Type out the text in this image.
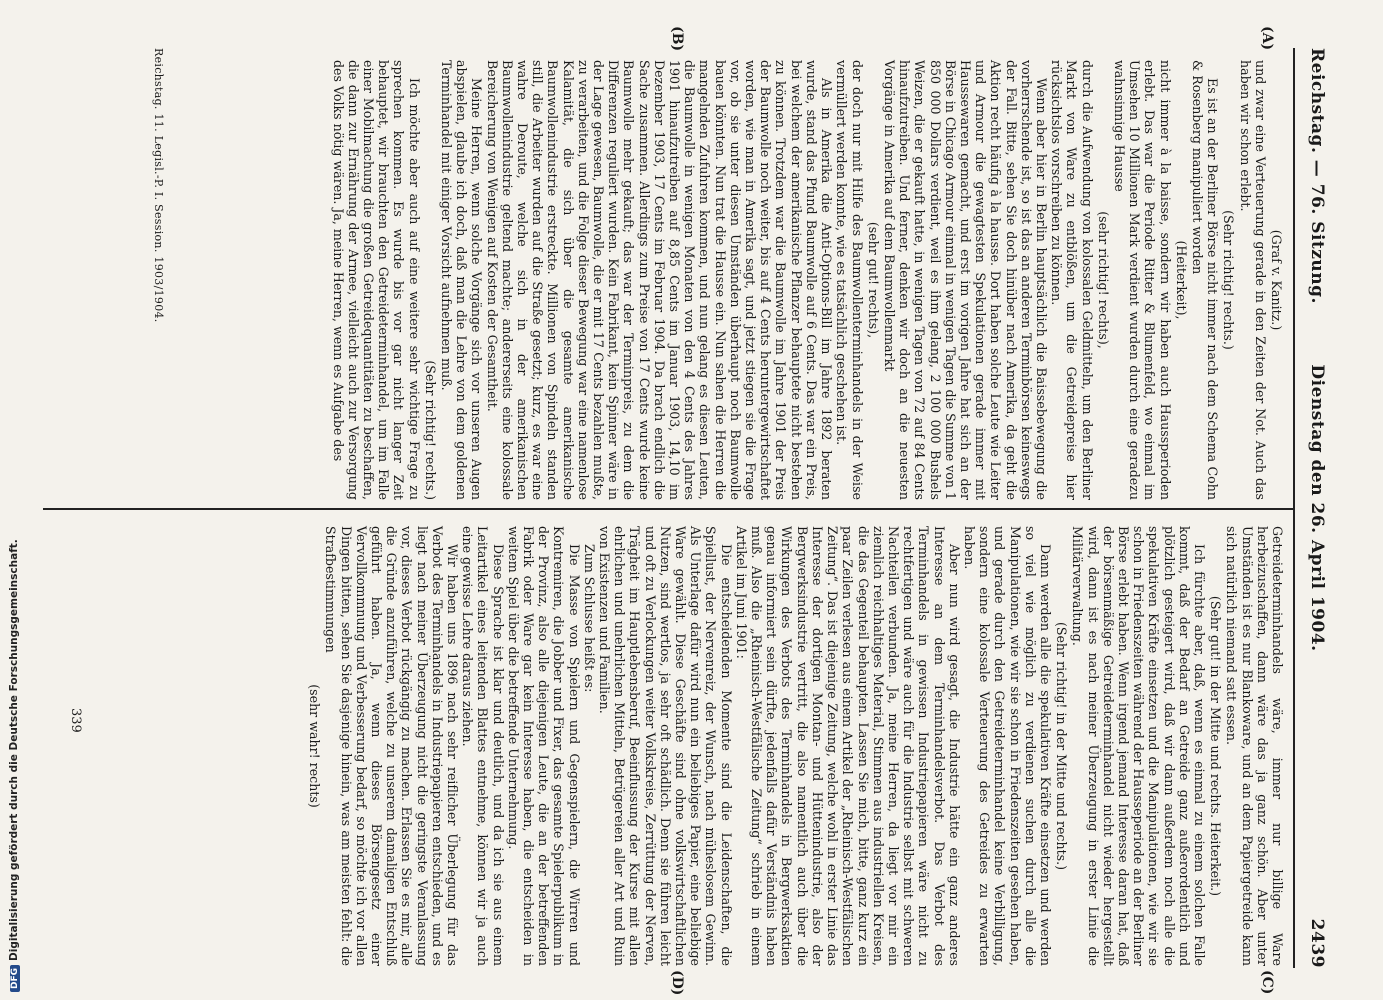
Reichstag. — 76. Sitzung.
Dienstag den 26. April 1904.
2439
(A)
(B)
(C)
(D)

(Graf v. Kanitz.)

und zwar eine Verteuerung gerade in den Zeiten der Not. Auch das haben wir schon erlebt.

(Sehr richtig! rechts.)

Es ist an der Berliner Börse nicht immer nach dem Schema Cohn & Rosenberg manipuliert worden

(Heiterkeit),

nicht immer à la baisse, sondern wir haben auch Haussperioden erlebt. Das war die Periode Ritter & Blumenfeld, wo einmal im Umsehen 10 Millionen Mark verdient wurden durch eine geradezu wahnsinnige Hausse

(sehr richtig! rechts),

durch die Aufwendung von kolossalen Geldmitteln, um den Berliner Markt von Ware zu entblößen, um die Getreidepreise hier rücksichtslos vorschreiben zu können.

Wenn aber hier in Berlin hauptsächlich die Baissebewegung die vorherrschende ist, so ist das an anderen Terminbörsen keineswegs der Fall. Bitte, sehen Sie doch hinüber nach Amerika, da geht die Aktion recht häufig à la hausse. Dort haben solche Leute wie Leiter und Armour die gewagtesten Spekulationen gerade immer mit Haussewaren gemacht, und erst im vorigen Jahre hat sich an der Börse in Chicago Armour einmal in wenigen Tagen die Summe von 1 850 000 Dollars verdient, weil es ihm gelang, 2 100 000 Bushels Weizen, die er gekauft hatte, in wenigen Tagen von 72 auf 84 Cents hinaufzutreiben. Und ferner, denken wir doch an die neuesten Vorgänge in Amerika auf dem Baumwollenmarkt

(sehr gut! rechts),

der doch nur mit Hilfe des Baumwollenterminhandels in der Weise vermüllert werden konnte, wie es tatsächlich geschehen ist.

Als in Amerika die Anti-Options-Bill im Jahre 1892 beraten wurde, stand das Pfund Baumwolle auf 6 Cents. Das war ein Preis, bei welchem der amerikanische Pflanzer behauptete nicht bestehen zu können. Trotzdem war die Baumwolle im Jahre 1901 der Preis der Baumwolle noch weiter, bis auf 4 Cents heruntergewirtschaftet worden, wie man in Amerika sagt, und jetzt stiegen sie die Frage vor, ob sie unter diesen Umständen überhaupt noch Baumwolle bauen könnten. Nun trat die Hausse ein. Nun sahen die Herren die mangelnden Zufuhren kommen, und nun gelang es diesen Leuten, die Baumwolle in wenigen Monaten von den 4 Cents des Jahres 1901 hinaufzutreiben auf 8,85 Cents im Januar 1903, 14,10 im Dezember 1903, 17 Cents im Februar 1904. Da brach endlich die Sache zusammen. Allerdings zum Preise von 17 Cents wurde keine Baumwolle mehr gekauft; das war der Terminpreis, zu dem die Differenzen reguliert wurden. Kein Fabrikant, kein Spinner wäre in der Lage gewesen, Baumwolle, die er mit 17 Cents bezahlen mußte, zu verarbeiten, und die Folge dieser Bewegung war eine namenlose Kalamität, die sich über die gesamte amerikanische Baumwollenindustrie erstreckte. Millionen von Spindeln standen still, die Arbeiter wurden auf die Straße gesetzt; kurz, es war eine wahre Deroute, welche sich in der amerikanischen Baumwollenindustrie geltend machte; andererseits eine kolossale Bereicherung von Wenigen auf Kosten der Gesamtheit.

Meine Herren, wenn solche Vorgänge sich vor unseren Augen abspielen, glaube ich doch, daß man die Lehre von dem goldenen Terminhandel mit einiger Vorsicht aufnehmen muß.

(Sehr richtig! rechts.)

Ich möchte aber auch auf eine weitere sehr wichtige Frage zu sprechen kommen. Es wurde bis vor gar nicht langer Zeit behauptet, wir brauchten den Getreideterminhandel, um im Falle einer Mobilmachung die großen Getreidequantitäten zu beschaffen, die dann zur Ernährung der Armee, vielleicht auch zur Versorgung des Volks nötig wären. Ja, meine Herren, wenn es Aufgabe des

Getreideterminhandels wäre, immer nur billige Ware herbeizuschaffen, dann wäre das ja ganz schön. Aber unter Umständen ist es nur Blankoware, und an dem Papiergetreide kann sich natürlich niemand satt essen.

(Sehr gut! in der Mitte und rechts. Heiterkeit.)

Ich fürchte aber, daß, wenn es einmal zu einem solchen Falle kommt, daß der Bedarf an Getreide ganz außerordentlich und plötzlich gesteigert wird, daß wir dann außerdem noch alle die spekulativen Kräfte einsetzen und die Manipulationen, wie wir sie schon in Friedenszeiten während der Hausseperiode an der Berliner Börse erlebt haben. Wenn irgend jemand Interesse daran hat, daß der börsenmäßige Getreideterminhandel nicht wieder hergestellt wird, dann ist es nach meiner Überzeugung in erster Linie die Militärverwaltung.

(Sehr richtig! in der Mitte und rechts.)

Dann werden alle die spekulativen Kräfte einsetzen und werden so viel wie möglich zu verdienen suchen durch alle die Manipulationen, wie wir sie schon in Friedenszeiten gesehen haben, und gerade durch den Getreideterminhandel keine Verbilligung, sondern eine kolossale Verteuerung des Getreides zu erwarten haben.

Aber nun wird gesagt, die Industrie hätte ein ganz anderes Interesse an dem Terminhandelsverbot. Das Verbot des Terminhandels in gewissen Industriepapieren wäre nicht zu rechtfertigen und wäre auch für die Industrie selbst mit schweren Nachteilen verbunden. Ja, meine Herren, da liegt vor mir ein ziemlich reichhaltiges Material, Stimmen aus industriellen Kreisen, die das Gegenteil behaupten. Lassen Sie mich, bitte, ganz kurz ein paar Zeilen verlesen aus einem Artikel der „Rheinisch-Westfälischen Zeitung“. Das ist diejenige Zeitung, welche wohl in erster Linie das Interesse der dortigen Montan- und Hüttenindustrie, also der Bergwerksindustrie vertritt, die also namentlich auch über die Wirkungen des Verbots des Terminhandels in Bergwerksaktien genau informiert sein dürfte, jedenfalls dafür Verständnis haben muß. Also die „Rheinisch-Westfälische Zeitung“ schrieb in einem Artikel im Juni 1901:

Die entscheidenden Momente sind die Leidenschaften, die Spiellust, der Nervenreiz, der Wunsch, nach müheslosem Gewinn. Als Unterlage dafür wird nun ein beliebiges Papier, eine beliebige Ware gewählt. Diese Geschäfte sind ohne volkswirtschaftlichen Nutzen, sind wertlos, ja sehr oft schädlich. Denn sie führen leicht und oft zu Verlockungen weiter Volkskreise, Zerrüttung der Nerven, Trägheit im Hauptlebensberuf, Beeinflussung der Kurse mit allen ehrlichen und unehrlichen Mitteln, Betrügereien aller Art und Ruin von Existenzen und Familien.

Zum Schlusse heißt es:

Die Masse von Spielern und Gegenspielern, die Wirren und Kontremiren, die Jobber und Fixer, das gesamte Spielerpublikum in der Provinz, also alle diejenigen Leute, die an der betreffenden Fabrik oder Ware gar kein Interesse haben, die entscheiden in weitem Spiel über die betreffende Unternehmung.

Diese Sprache ist klar und deutlich, und da ich sie aus einem Leitartikel eines leitenden Blattes entnehme, können wir ja auch eine gewisse Lehre daraus ziehen.

Wir haben uns 1896 nach sehr reiflicher Überlegung für das Verbot des Terminhandels in Industriepapieren entschieden, und es liegt nach meiner Überzeugung nicht die geringste Veranlassung vor, dieses Verbot rückgängig zu machen. Erlassen Sie es mir, alle die Gründe anzuführen, welche zu unserem damaligen Entschluß geführt haben. Ja, wenn dieses Börsengesetz einer Vervollkommnung und Verbesserung bedarf, so möchte ich vor allen Dingen bitten, sehen Sie dasjenige hinein, was am meisten fehlt: die Strafbestimmungen

(sehr wahr! rechts)

Reichstag. 11. Legisl.-P. I. Session. 1903/1904.
339
DFGDigitalisierung gefördert durch die Deutsche Forschungsgemeinschaft.
